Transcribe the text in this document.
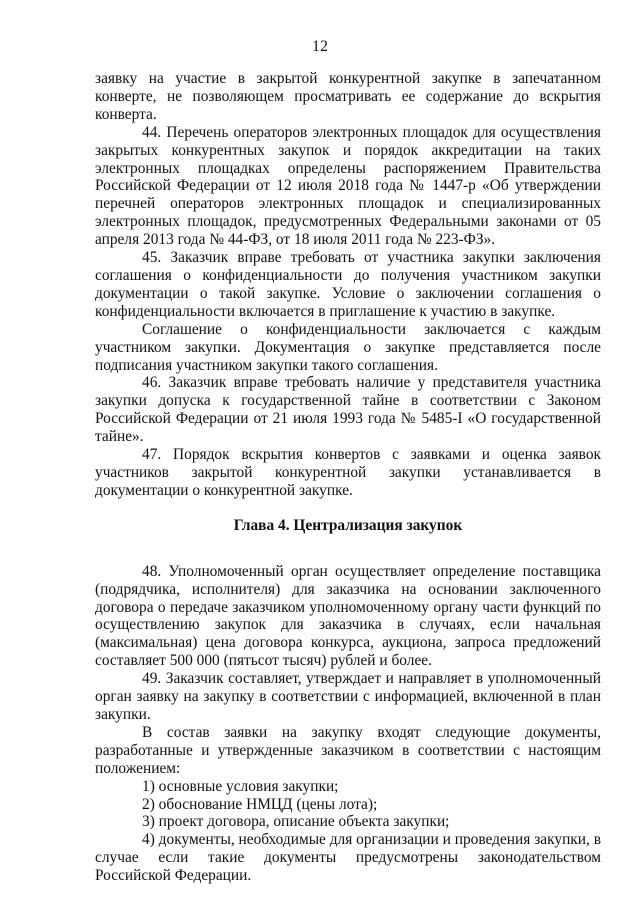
12

заявку на участие в закрытой конкурентной закупке в запечатанном конверте, не позволяющем просматривать ее содержание до вскрытия конверта.

44. Перечень операторов электронных площадок для осуществления закрытых конкурентных закупок и порядок аккредитации на таких электронных площадках определены распоряжением Правительства Российской Федерации от 12 июля 2018 года № 1447-р «Об утверждении перечней операторов электронных площадок и специализированных электронных площадок, предусмотренных Федеральными законами от 05 апреля 2013 года № 44-ФЗ, от 18 июля 2011 года № 223-ФЗ».

45. Заказчик вправе требовать от участника закупки заключения соглашения о конфиденциальности до получения участником закупки документации о такой закупке. Условие о заключении соглашения о конфиденциальности включается в приглашение к участию в закупке.

Соглашение о конфиденциальности заключается с каждым участником закупки. Документация о закупке представляется после подписания участником закупки такого соглашения.

46. Заказчик вправе требовать наличие у представителя участника закупки допуска к государственной тайне в соответствии с Законом Российской Федерации от 21 июля 1993 года № 5485-I «О государственной тайне».

47. Порядок вскрытия конвертов с заявками и оценка заявок участников закрытой конкурентной закупки устанавливается в документации о конкурентной закупке.

Глава 4. Централизация закупок

48. Уполномоченный орган осуществляет определение поставщика (подрядчика, исполнителя) для заказчика на основании заключенного договора о передаче заказчиком уполномоченному органу части функций по осуществлению закупок для заказчика в случаях, если начальная (максимальная) цена договора конкурса, аукциона, запроса предложений составляет 500 000 (пятьсот тысяч) рублей и более.

49. Заказчик составляет, утверждает и направляет в уполномоченный орган заявку на закупку в соответствии с информацией, включенной в план закупки.

В состав заявки на закупку входят следующие документы, разработанные и утвержденные заказчиком в соответствии с настоящим положением:

1) основные условия закупки;
2) обоснование НМЦД (цены лота);
3) проект договора, описание объекта закупки;
4) документы, необходимые для организации и проведения закупки, в случае если такие документы предусмотрены законодательством Российской Федерации.
